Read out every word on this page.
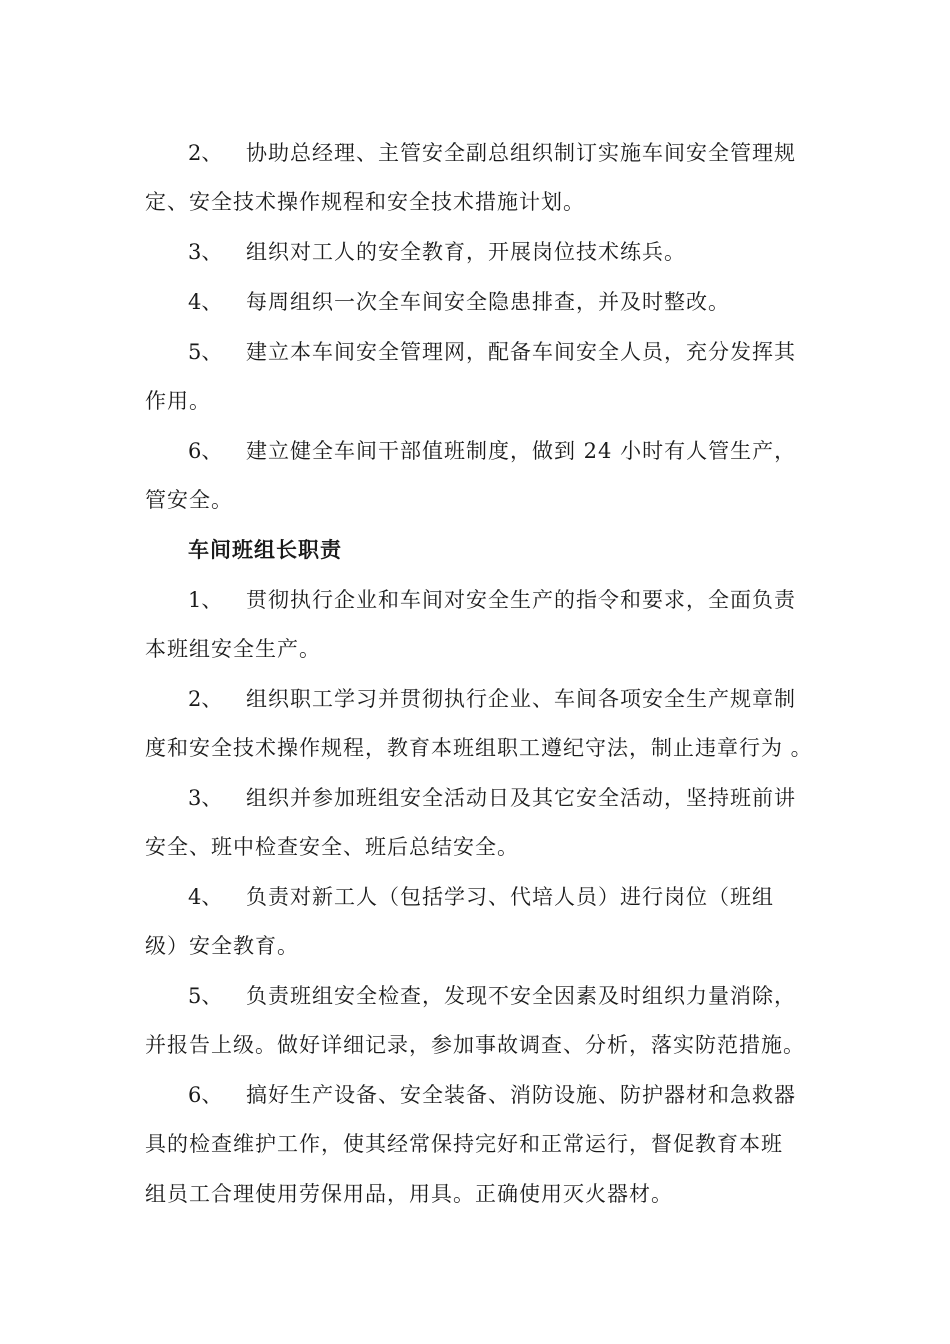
2、 协助总经理、主管安全副总组织制订实施车间安全管理规
定、安全技术操作规程和安全技术措施计划。
3、 组织对工人的安全教育，开展岗位技术练兵。
4、 每周组织一次全车间安全隐患排查，并及时整改。
5、 建立本车间安全管理网，配备车间安全人员，充分发挥其
作用。
6、 建立健全车间干部值班制度，做到 24 小时有人管生产，
管安全。
车间班组长职责
1、 贯彻执行企业和车间对安全生产的指令和要求，全面负责
本班组安全生产。
2、 组织职工学习并贯彻执行企业、车间各项安全生产规章制
度和安全技术操作规程，教育本班组职工遵纪守法，制止违章行为 。
3、 组织并参加班组安全活动日及其它安全活动，坚持班前讲
安全、班中检查安全、班后总结安全。
4、 负责对新工人（包括学习、代培人员）进行岗位（班组
级）安全教育。
5、 负责班组安全检查，发现不安全因素及时组织力量消除，
并报告上级。做好详细记录，参加事故调查、分析，落实防范措施。
6、 搞好生产设备、安全装备、消防设施、防护器材和急救器
具的检查维护工作，使其经常保持完好和正常运行，督促教育本班
组员工合理使用劳保用品，用具。正确使用灭火器材。
